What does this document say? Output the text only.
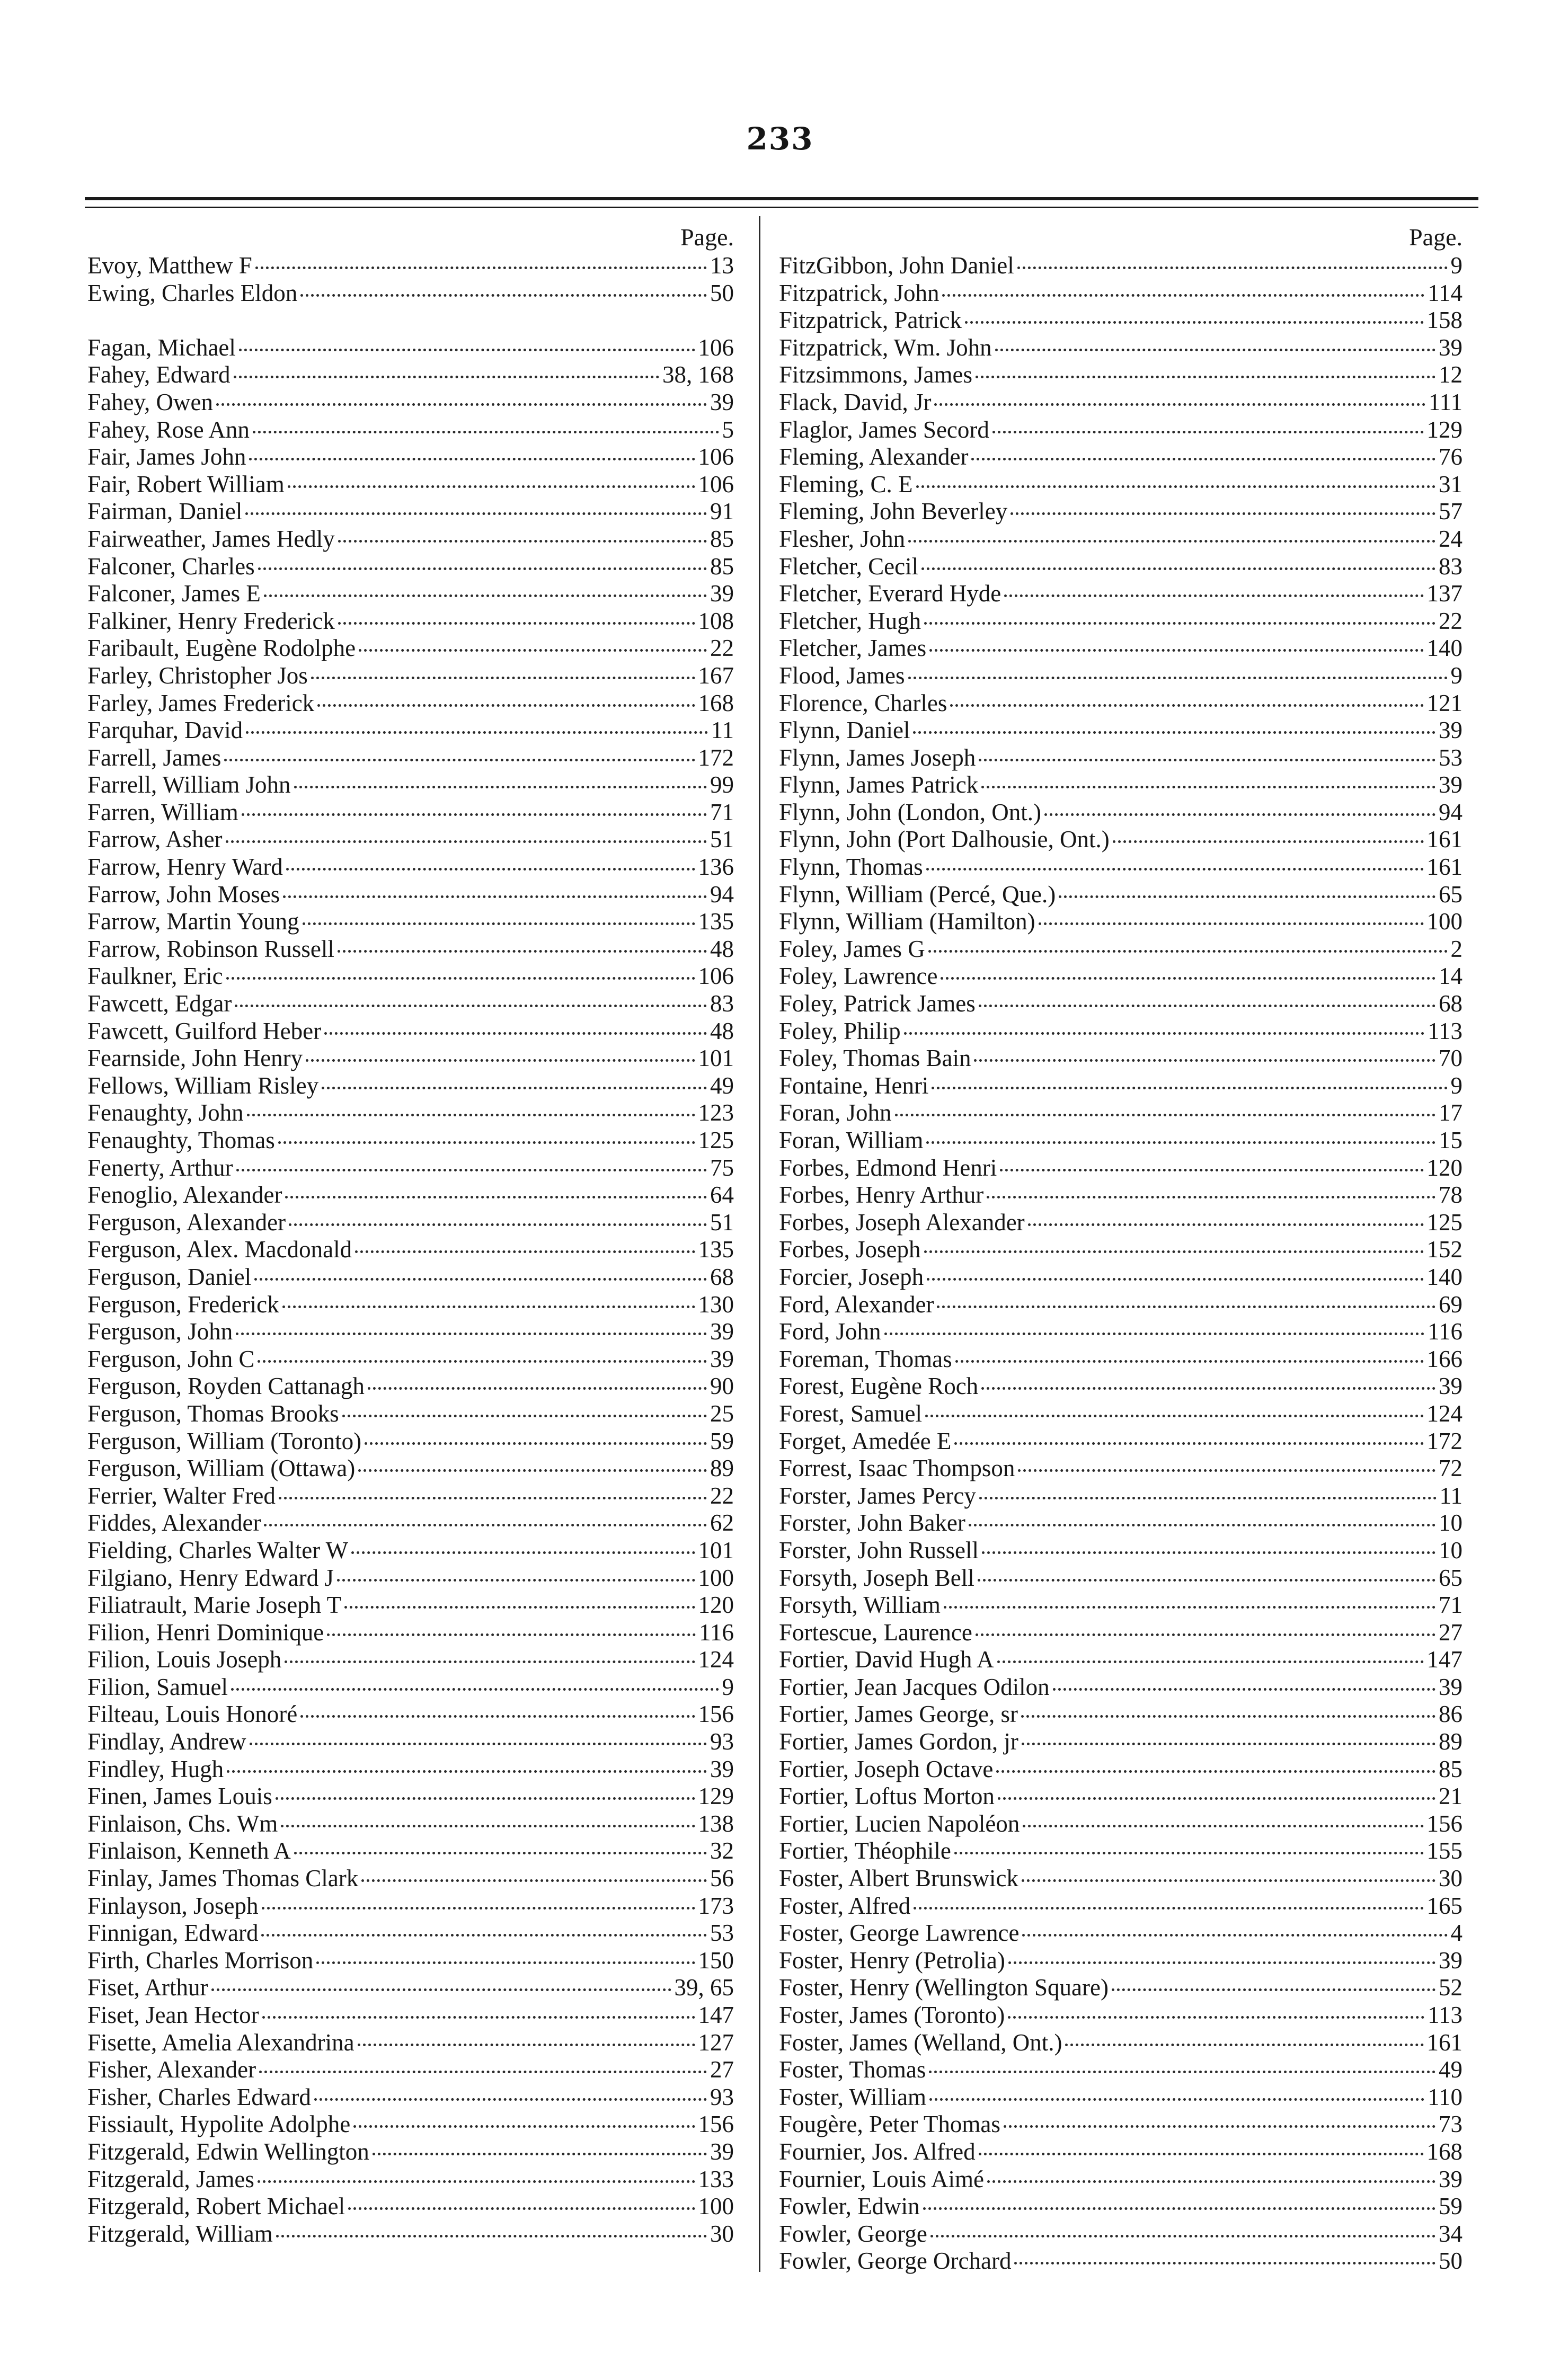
233
Page.
Evoy, Matthew F	13
Ewing, Charles Eldon	50
Fagan, Michael	106
Fahey, Edward	38, 168
Fahey, Owen	39
Fahey, Rose Ann	5
Fair, James John	106
Fair, Robert William	106
Fairman, Daniel	91
Fairweather, James Hedly	85
Falconer, Charles	85
Falconer, James E	39
Falkiner, Henry Frederick	108
Faribault, Eugène Rodolphe	22
Farley, Christopher Jos	167
Farley, James Frederick	168
Farquhar, David	11
Farrell, James	172
Farrell, William John	99
Farren, William	71
Farrow, Asher	51
Farrow, Henry Ward	136
Farrow, John Moses	94
Farrow, Martin Young	135
Farrow, Robinson Russell	48
Faulkner, Eric	106
Fawcett, Edgar	83
Fawcett, Guilford Heber	48
Fearnside, John Henry	101
Fellows, William Risley	49
Fenaughty, John	123
Fenaughty, Thomas	125
Fenerty, Arthur	75
Fenoglio, Alexander	64
Ferguson, Alexander	51
Ferguson, Alex. Macdonald	135
Ferguson, Daniel	68
Ferguson, Frederick	130
Ferguson, John	39
Ferguson, John C	39
Ferguson, Royden Cattanagh	90
Ferguson, Thomas Brooks	25
Ferguson, William (Toronto)	59
Ferguson, William (Ottawa)	89
Ferrier, Walter Fred	22
Fiddes, Alexander	62
Fielding, Charles Walter W	101
Filgiano, Henry Edward J	100
Filiatrault, Marie Joseph T	120
Filion, Henri Dominique	116
Filion, Louis Joseph	124
Filion, Samuel	9
Filteau, Louis Honoré	156
Findlay, Andrew	93
Findley, Hugh	39
Finen, James Louis	129
Finlaison, Chs. Wm	138
Finlaison, Kenneth A	32
Finlay, James Thomas Clark	56
Finlayson, Joseph	173
Finnigan, Edward	53
Firth, Charles Morrison	150
Fiset, Arthur	39, 65
Fiset, Jean Hector	147
Fisette, Amelia Alexandrina	127
Fisher, Alexander	27
Fisher, Charles Edward	93
Fissiault, Hypolite Adolphe	156
Fitzgerald, Edwin Wellington	39
Fitzgerald, James	133
Fitzgerald, Robert Michael	100
Fitzgerald, William	30
Page.
FitzGibbon, John Daniel	9
Fitzpatrick, John	114
Fitzpatrick, Patrick	158
Fitzpatrick, Wm. John	39
Fitzsimmons, James	12
Flack, David, Jr	111
Flaglor, James Secord	129
Fleming, Alexander	76
Fleming, C. E	31
Fleming, John Beverley	57
Flesher, John	24
Fletcher, Cecil	83
Fletcher, Everard Hyde	137
Fletcher, Hugh	22
Fletcher, James	140
Flood, James	9
Florence, Charles	121
Flynn, Daniel	39
Flynn, James Joseph	53
Flynn, James Patrick	39
Flynn, John (London, Ont.)	94
Flynn, John (Port Dalhousie, Ont.)	161
Flynn, Thomas	161
Flynn, William (Percé, Que.)	65
Flynn, William (Hamilton)	100
Foley, James G	2
Foley, Lawrence	14
Foley, Patrick James	68
Foley, Philip	113
Foley, Thomas Bain	70
Fontaine, Henri	9
Foran, John	17
Foran, William	15
Forbes, Edmond Henri	120
Forbes, Henry Arthur	78
Forbes, Joseph Alexander	125
Forbes, Joseph	152
Forcier, Joseph	140
Ford, Alexander	69
Ford, John	116
Foreman, Thomas	166
Forest, Eugène Roch	39
Forest, Samuel	124
Forget, Amedée E	172
Forrest, Isaac Thompson	72
Forster, James Percy	11
Forster, John Baker	10
Forster, John Russell	10
Forsyth, Joseph Bell	65
Forsyth, William	71
Fortescue, Laurence	27
Fortier, David Hugh A	147
Fortier, Jean Jacques Odilon	39
Fortier, James George, sr	86
Fortier, James Gordon, jr	89
Fortier, Joseph Octave	85
Fortier, Loftus Morton	21
Fortier, Lucien Napoléon	156
Fortier, Théophile	155
Foster, Albert Brunswick	30
Foster, Alfred	165
Foster, George Lawrence	4
Foster, Henry (Petrolia)	39
Foster, Henry (Wellington Square)	52
Foster, James (Toronto)	113
Foster, James (Welland, Ont.)	161
Foster, Thomas	49
Foster, William	110
Fougère, Peter Thomas	73
Fournier, Jos. Alfred	168
Fournier, Louis Aimé	39
Fowler, Edwin	59
Fowler, George	34
Fowler, George Orchard	50
